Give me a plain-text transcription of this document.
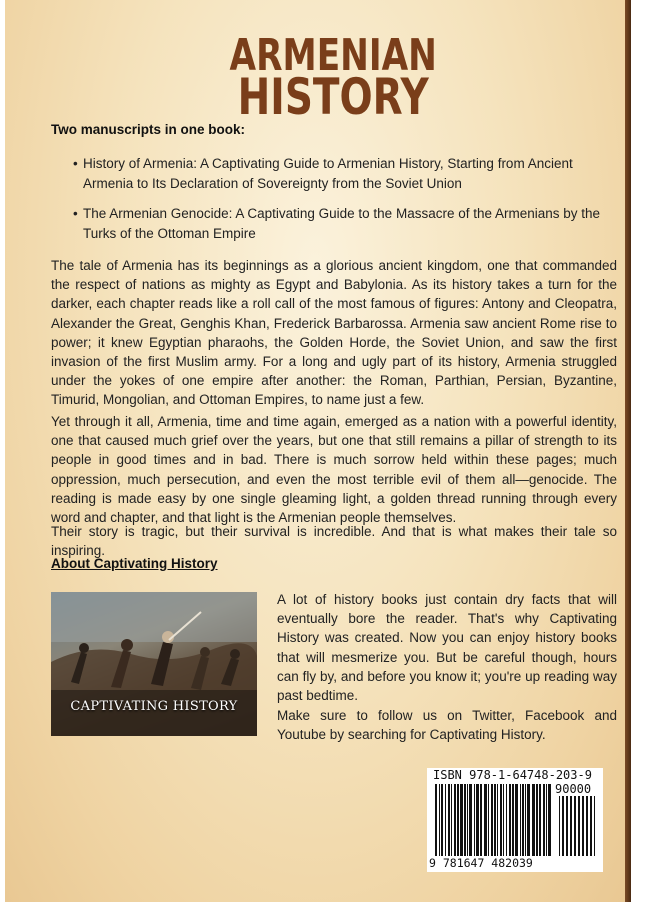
ARMENIAN
HISTORY
Two manuscripts in one book:
• History of Armenia: A Captivating Guide to Armenian History, Starting from Ancient Armenia to Its Declaration of Sovereignty from the Soviet Union
• The Armenian Genocide: A Captivating Guide to the Massacre of the Armenians by the Turks of the Ottoman Empire
The tale of Armenia has its beginnings as a glorious ancient kingdom, one that commanded the respect of nations as mighty as Egypt and Babylonia. As its history takes a turn for the darker, each chapter reads like a roll call of the most famous of figures: Antony and Cleopatra, Alexander the Great, Genghis Khan, Frederick Barbarossa. Armenia saw ancient Rome rise to power; it knew Egyptian pharaohs, the Golden Horde, the Soviet Union, and saw the first invasion of the first Muslim army. For a long and ugly part of its history, Armenia struggled under the yokes of one empire after another: the Roman, Parthian, Persian, Byzantine, Timurid, Mongolian, and Ottoman Empires, to name just a few.
Yet through it all, Armenia, time and time again, emerged as a nation with a powerful identity, one that caused much grief over the years, but one that still remains a pillar of strength to its people in good times and in bad. There is much sorrow held within these pages; much oppression, much persecution, and even the most terrible evil of them all—genocide. The reading is made easy by one single gleaming light, a golden thread running through every word and chapter, and that light is the Armenian people themselves.
Their story is tragic, but their survival is incredible. And that is what makes their tale so inspiring.
About Captivating History
CAPTIVATING HISTORY
A lot of history books just contain dry facts that will eventually bore the reader. That's why Captivating History was created. Now you can enjoy history books that will mesmerize you. But be careful though, hours can fly by, and before you know it; you're up reading way past bedtime.
Make sure to follow us on Twitter, Facebook and Youtube by searching for Captivating History.
ISBN 978-1-64748-203-9
90000
9 781647 482039
